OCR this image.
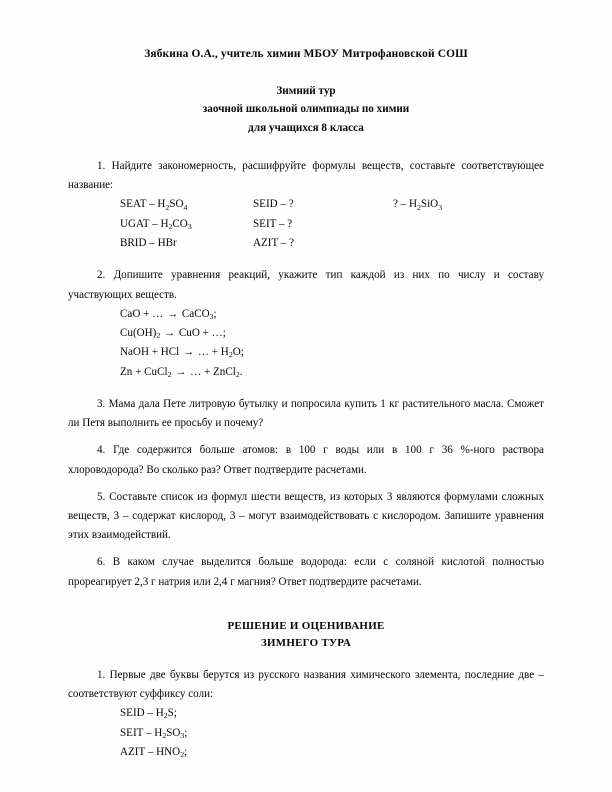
Зябкина О.А., учитель химии МБОУ Митрофановской СОШ
Зимний тур
заочной школьной олимпиады по химии
для учащихся 8 класса

1. Найдите закономерность, расшифруйте формулы веществ, составьте соответствующее название:

SEAT – $H_2SO_4$	SEID – ?	? – $H_2SiO_3$
UGAT – $H_2CO_3$	SEIT – ?
BRID – HBr	AZIT – ?

2. Допишите уравнения реакций, укажите тип каждой из них по числу и составу участвующих веществ.

CaO + … → CaCO$_3$;
$Cu(OH)_2$ → CuO + …;
NaOH + HCl → … + $H_2O$;
Zn + CuCl$_2$ → … + ZnCl$_2$.

3. Мама дала Пете литровую бутылку и попросила купить 1 кг растительного масла. Сможет ли Петя выполнить ее просьбу и почему?

4. Где содержится больше атомов: в 100 г воды или в 100 г 36 %-ного раствора хлороводорода? Во сколько раз? Ответ подтвердите расчетами.

5. Составьте список из формул шести веществ, из которых 3 являются формулами сложных веществ, 3 – содержат кислород, 3 – могут взаимодействовать с кислородом. Запишите уравнения этих взаимодействий.

6. В каком случае выделится больше водорода: если с соляной кислотой полностью прореагирует 2,3 г натрия или 2,4 г магния? Ответ подтвердите расчетами.

РЕШЕНИЕ И ОЦЕНИВАНИЕ
ЗИМНЕГО ТУРА

1. Первые две буквы берутся из русского названия химического элемента, последние две – соответствуют суффиксу соли:

SEID – $H_2S$;
SEIT – $H_2SO_3$;
AZIT – $HNO_2$;
